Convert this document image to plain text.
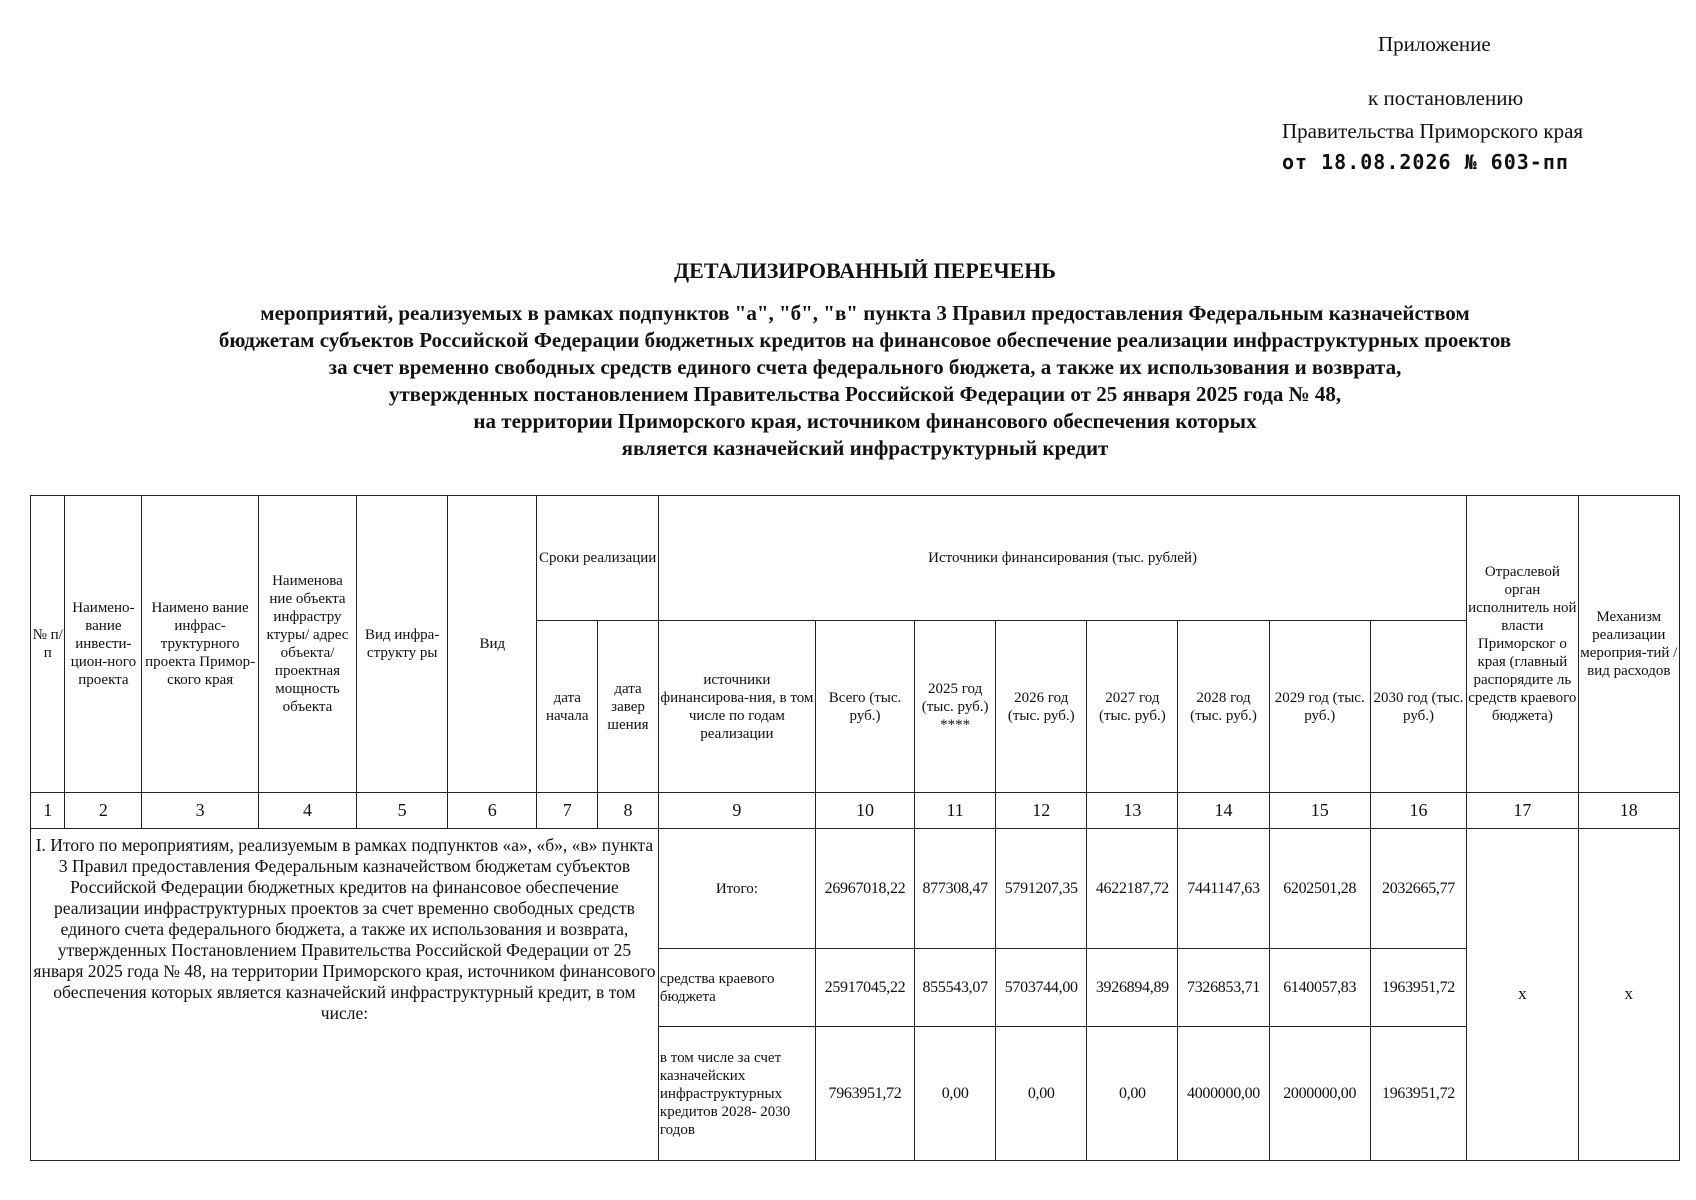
Приложение
к постановлению
Правительства Приморского края
от 18.08.2026 № 603-пп
ДЕТАЛИЗИРОВАННЫЙ ПЕРЕЧЕНЬ
мероприятий, реализуемых в рамках подпунктов "а", "б", "в" пункта 3 Правил предоставления Федеральным казначейством
бюджетам субъектов Российской Федерации бюджетных кредитов на финансовое обеспечение реализации инфраструктурных проектов
за счет временно свободных средств единого счета федерального бюджета, а также их использования и возврата,
утвержденных постановлением Правительства Российской Федерации от 25 января 2025 года № 48,
на территории Приморского края, источником финансового обеспечения которых
является казначейский инфраструктурный кредит
№ п/п	Наимено-вание инвести-цион-ного проекта	Наимено вание инфрас-труктурного проекта Примор-ского края	Наименова ние объекта инфрастру ктуры/ адрес объекта/ проектная мощность объекта	Вид инфра-структу ры	Вид	Сроки реализации		Источники финансирования (тыс. рублей)								Отраслевой орган исполнитель ной власти Приморског о края (главный распорядите ль средств краевого бюджета)	Механизм реализации мероприя-тий /вид расходов
						дата начала	дата завер шения	источники финансирова-ния, в том числе по годам реализации	Всего (тыс. руб.)	2025 год (тыс. руб.) ****	2026 год (тыс. руб.)	2027 год (тыс. руб.)	2028 год (тыс. руб.)	2029 год (тыс. руб.)	2030 год (тыс. руб.)		
1	2	3	4	5	6	7	8	9	10	11	12	13	14	15	16	17	18
I. Итого по мероприятиям, реализуемым в рамках подпунктов «а», «б», «в» пункта 3 Правил предоставления Федеральным казначейством бюджетам субъектов Российской Федерации бюджетных кредитов на финансовое обеспечение реализации инфраструктурных проектов за счет временно свободных средств единого счета федерального бюджета, а также их использования и возврата, утвержденных Постановлением Правительства Российской Федерации от 25 января 2025 года № 48, на территории Приморского края, источником финансового обеспечения которых является казначейский инфраструктурный кредит, в том числе:								Итого:	26967018,22	877308,47	5791207,35	4622187,72	7441147,63	6202501,28	2032665,77	х	х
								средства краевого бюджета	25917045,22	855543,07	5703744,00	3926894,89	7326853,71	6140057,83	1963951,72		
								в том числе за счет казначейских инфраструктурных кредитов 2028- 2030 годов	7963951,72	0,00	0,00	0,00	4000000,00	2000000,00	1963951,72		
